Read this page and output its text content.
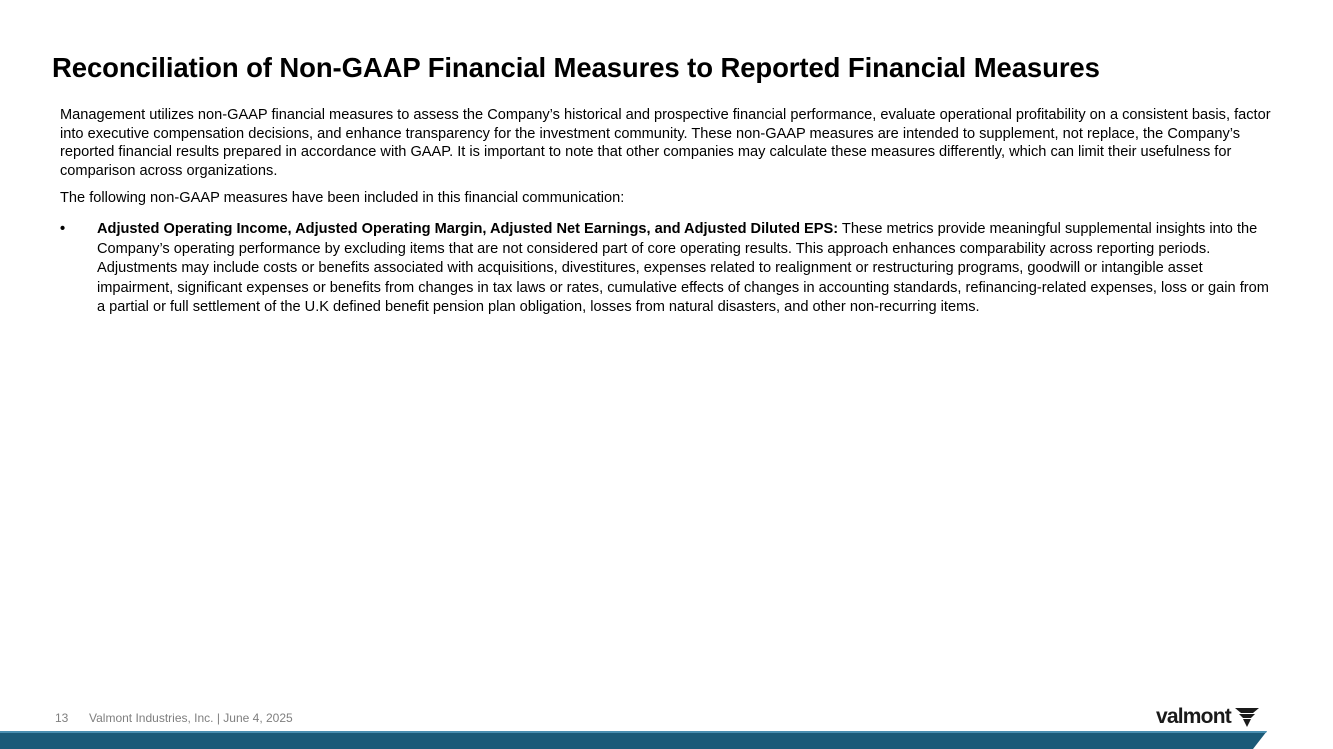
Reconciliation of Non-GAAP Financial Measures to Reported Financial Measures

Management utilizes non-GAAP financial measures to assess the Company’s historical and prospective financial performance, evaluate operational profitability on a consistent basis, factor into executive compensation decisions, and enhance transparency for the investment community. These non-GAAP measures are intended to supplement, not replace, the Company’s reported financial results prepared in accordance with GAAP. It is important to note that other companies may calculate these measures differently, which can limit their usefulness for comparison across organizations.

The following non-GAAP measures have been included in this financial communication:

•	Adjusted Operating Income, Adjusted Operating Margin, Adjusted Net Earnings, and Adjusted Diluted EPS: These metrics provide meaningful supplemental insights into the Company’s operating performance by excluding items that are not considered part of core operating results. This approach enhances comparability across reporting periods. Adjustments may include costs or benefits associated with acquisitions, divestitures, expenses related to realignment or restructuring programs, goodwill or intangible asset impairment, significant expenses or benefits from changes in tax laws or rates, cumulative effects of changes in accounting standards, refinancing-related expenses, loss or gain from a partial or full settlement of the U.K defined benefit pension plan obligation, losses from natural disasters, and other non-recurring items.
13 Valmont Industries, Inc. | June 4, 2025	valmont
